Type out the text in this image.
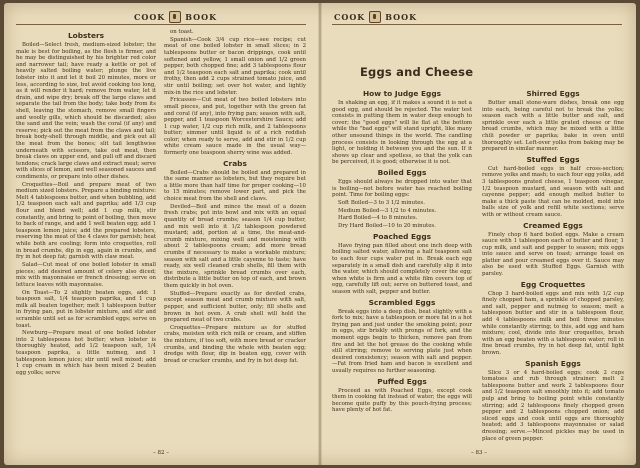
COOK	BOOK
Lobsters

Boiled—Select fresh, medium-sized lobster; the male is best for boiling, as the flesh is firmer, and he may be distinguished by his brighter red color and narrower tail; have ready a kettle or pot of heavily salted boiling water; plunge the live lobster into it and let it boil 20 minutes, more or less, according to size, but avoid cooking too long, as it will render it hard; remove from water, let it drain, and wipe dry; break off the large claws and separate the tail from the body; take body from its shell, leaving the stomach, remove small fingers and woolly gills, which should be discarded; also the sand and the vein; wash the coral (if any) and reserve; pick out the meat from the claws and tail; break body-shell through middle, and pick out all the meat from the bones; slit tail lengthwise underneath with scissors, take out meat, then break claws on upper end, and pull off and discard tendons; crack large claws and extract meat; serve with slices of lemon, and well seasoned sauces and condiments, or prepare into other dishes.

Croquettes—Boil and prepare meat of two medium sized lobsters. Prepare a binding mixture: Melt 4 tablespoons butter, and when bubbling, add 1/2 teaspoon each salt and paprika; add 1/3 cup flour and blend well; add 1 cup milk, stir constantly, and bring to point of boiling, then move to back of range, and add 1 well beaten egg; add 1 teaspoon lemon juice; add the prepared lobsters, reserving the meat of the 4 claws for garnish; heat while both are cooling; form into croquettes, roll in bread crumbs, dip in egg, again in crumbs, and fry in hot deep fat; garnish with claw meat.

Salad—Cut meat of one boiled lobster in small pieces; add desired amount of celery also diced; mix with mayonnaise or french dressing; serve on lettuce leaves with mayonnaise.

On Toast—To 2 slightly beaten eggs, add: 1 teaspoon salt, 1/4 teaspoon paprika, and 1 cup milk all beaten together; melt 1 tablespoon butter in frying pan, put in lobster mixture, and stir and scramble until set as for scrambled eggs; serve on toast.

Newburg—Prepare meat of one boiled lobster into 2 tablespoons hot butter; when lobster is thoroughly heated, add 1/2 teaspoon salt, 1/4 teaspoon paprika, a little nutmeg, and 1 tablespoon lemon juice; stir until well mixed; add 1 cup cream in which has been mixed 2 beaten egg yolks; serve

on toast.

Spanish—Cook 3/4 cup rice—see recipe; cut meat of one boiled lobster in small slices; in 2 tablespoons butter or bacon drippings, cook until softened and yellow, 1 small onion and 1/2 green pepper, both chopped fine; add 3 tablespoons flour and 1/2 teaspoon each salt and paprika; cook until frothy, then add 2 cups strained tomato juice, and stir until boiling; set over hot water, and lightly mix-in the rice and lobster.

Fricassee—Cut meat of two boiled lobsters into small pieces, and put, together with the green fat and coral (if any), into frying pan; season with salt, pepper, and 1 teaspoon Worcestershire Sauce; add 1 cup water, 1/2 cup rich milk, and 2 tablespoons butter; simmer until liquid is of a rich reddish color; when ready to serve, add and stir in 1/2 cup white cream sauce made in the usual way—formerly one teaspoon sherry wine was added.

Crabs

Boiled—Crabs should be boiled and prepared in the same manner as lobsters, but they require but a little more than half time for proper cooking—10 to 15 minutes; remove lower part, and pick the choice meat from the shell and claws.

Deviled—Boil and mince the meat of a dozen fresh crabs; put into bowl and mix with an equal quantity of bread crumbs; season 1/4 cup butter, and mix well into it 1/2 tablespoon powdered mustard; add, portion at a time, the meat-and-crumb mixture, mixing well and moistening with about 2 tablespoons cream; add more bread crumbs if necessary to make a workable mixture; season with salt and a little cayenne to taste; have ready, six well cleaned crab shells, fill them with the mixture, sprinkle bread crumbs over each, distribute a little butter on top of each, and brown them quickly in hot oven.

Stuffed—Prepare exactly as for deviled crabs, except season meat and crumb mixture with salt, pepper, and sufficient butter, only; fill shells and brown in hot oven. A crab shell will hold the prepared meat of two crabs.

Croquettes—Prepare mixture as for stuffed crabs, moisten with rich milk or cream, and stiffen the mixture, if too soft, with more bread or cracker crumbs, and binding the whole with beaten egg; dredge with flour, dip in beaten egg, cover with bread or cracker crumbs, and fry in hot deep fat.

– 82 –
COOK	BOOK
Eggs and Cheese
How to Judge Eggs

In shaking an egg, if it makes a sound it is not a good egg, and should be rejected. The water test consists in putting them in water deep enough to cover; the "good eggs" will lie flat at the bottom while the "bad eggs" will stand upright, like many other unsound things in the world. The candling process consists in looking through the egg at a light, or holding it between you and the sun. If it shows up clear and spotless, so that the yolk can be perceived, it is good; otherwise it is not.

Boiled Eggs

Eggs should always be dropped into water that is boiling—not before water has reached boiling point. Time for boiling eggs:

Soft Boiled—3 to 3 1/2 minutes.

Medium Boiled—3 1/2 to 4 minutes.

Hard Boiled—4 to 8 minutes.

Dry Hard Boiled—10 to 20 minutes.

Poached Eggs

Have frying pan filled about one inch deep with boiling salted water, allowing a half teaspoon salt to each four cups water put in. Break each egg separately in a small dish and carefully slip it into the water, which should completely cover the egg; when white is firm and a white film covers top of egg, carefully lift out; serve on buttered toast, and season with salt, pepper and butter.

Scrambled Eggs

Break eggs into a deep dish, beat slightly with a fork to mix; have a tablespoon or more fat in a hot frying pan and just under the smoking point; pour in eggs, stir briskly with prongs of fork, and the moment eggs begin to thicken, remove pan from fire and let the hot grease do the cooking while still stirring; remove to serving plate just when desired consistency; season with salt and pepper.—Fat from fried ham and bacon is excellent and usually requires no further seasoning.

Puffed Eggs

Proceed as with Poached Eggs, except cook them in cooking fat instead of water; the eggs will become quite puffy by this pouch-frying process; have plenty of hot fat.

Shirred Eggs

Butter small stone-ware dishes, break one egg into each, being careful not to break the yolks; season each with a little butter and salt, and sprinkle over each a little grated cheese or fine bread crumbs, which may be mixed with a little chili powder or paprika; bake in oven until thoroughly set. Left-over yolks from baking may be prepared in similar manner.

Stuffed Eggs

Cut hard-boiled eggs in half cross-section; remove yolks and mash; to each four egg yolks, add 3 tablespoons grated cheese, 1 teaspoon vinegar, 1/2 teaspoon mustard, and season with salt and cayenne pepper; add enough melted butter to make a thick paste that can be molded, mold into balls size of yolk and refill white sections; serve with or without cream sauce.

Creamed Eggs

Finely chop 6 hard boiled eggs. Make a cream sauce with 1 tablespoon each of butter and flour, 1 cup milk, and salt and pepper to season; mix eggs into sauce and serve on toast; arrange toast on platter and pour creamed eggs over it. Sauce may also be used with Stuffed Eggs. Garnish with parsley.

Egg Croquettes

Chop 3 hard-boiled eggs and mix with 1/2 cup finely chopped ham, a sprinkle of chopped parsley, and salt, pepper and nutmeg to season; melt a tablespoon butter and stir in a tablespoon flour, add 4 tablespoons milk and boil three minutes while constantly stirring; to this, add egg and ham mixture; cool, divide into four croquettes, brush with an egg beaten with a tablespoon water; roll in fine bread crumbs, fry in hot deep fat, until light brown.

Spanish Eggs

Slice 3 or 4 hard-boiled eggs; cook 2 cups tomatoes and rub through strainer; melt 2 tablespoons butter and work 2 tablespoons flour and 1/2 teaspoon salt smoothly into it; add tomato pulp and bring to boiling point while constantly stirring; add 2 tablespoons finely chopped green pepper and 2 tablespoons chopped onion; add sliced eggs and cook until eggs are thoroughly heated; add 3 tablespoons mayonnaise or salad dressing; serve.—Minced pickles may be used in place of green pepper.

– 83 –
